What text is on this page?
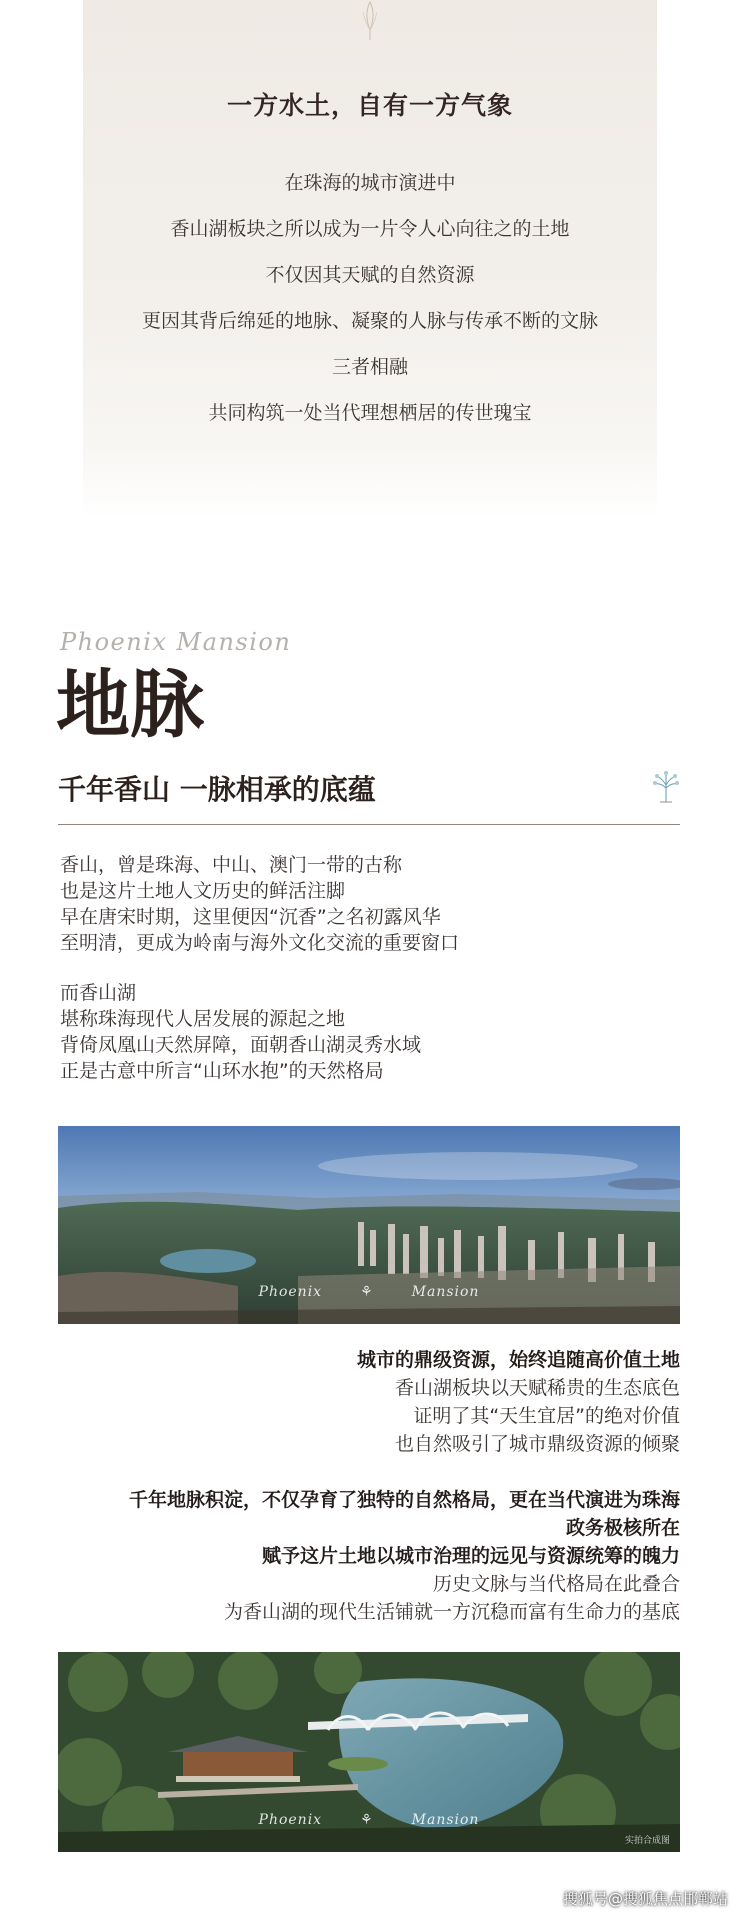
一方水土，自有一方气象

在珠海的城市演进中

香山湖板块之所以成为一片令人心向往之的土地

不仅因其天赋的自然资源

更因其背后绵延的地脉、凝聚的人脉与传承不断的文脉

三者相融

共同构筑一处当代理想栖居的传世瑰宝

Phoenix Mansion
地脉
千年香山 一脉相承的底蕴
香山，曾是珠海、中山、澳门一带的古称
也是这片土地人文历史的鲜活注脚
早在唐宋时期，这里便因“沉香”之名初露风华
至明清，更成为岭南与海外文化交流的重要窗口
而香山湖
堪称珠海现代人居发展的源起之地
背倚凤凰山天然屏障，面朝香山湖灵秀水域
正是古意中所言“山环水抱”的天然格局
Phoenix	⚘	Mansion
城市的鼎级资源，始终追随高价值土地
香山湖板块以天赋稀贵的生态底色
证明了其“天生宜居”的绝对价值
也自然吸引了城市鼎级资源的倾聚
千年地脉积淀，不仅孕育了独特的自然格局，更在当代演进为珠海
政务极核所在
赋予这片土地以城市治理的远见与资源统筹的魄力
历史文脉与当代格局在此叠合
为香山湖的现代生活铺就一方沉稳而富有生命力的基底
Phoenix	⚘	Mansion
实拍合成图
搜狐号@搜狐焦点邯郸站
